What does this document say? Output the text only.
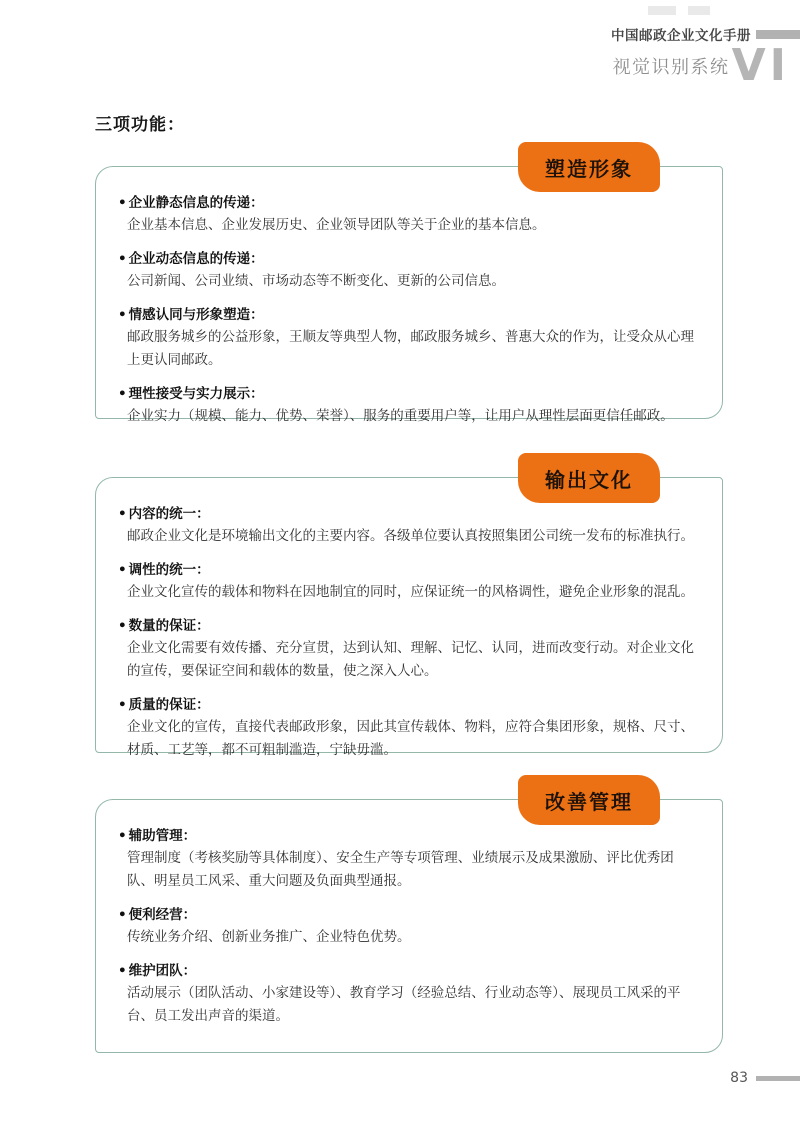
中国邮政企业文化手册
视觉识别系统 VI
三项功能：
塑造形象
• 企业静态信息的传递：
企业基本信息、企业发展历史、企业领导团队等关于企业的基本信息。
• 企业动态信息的传递：
公司新闻、公司业绩、市场动态等不断变化、更新的公司信息。
• 情感认同与形象塑造：
邮政服务城乡的公益形象，王顺友等典型人物，邮政服务城乡、普惠大众的作为，让受众从心理上更认同邮政。
• 理性接受与实力展示：
企业实力（规模、能力、优势、荣誉）、服务的重要用户等，让用户从理性层面更信任邮政。
输出文化
• 内容的统一：
邮政企业文化是环境输出文化的主要内容。各级单位要认真按照集团公司统一发布的标准执行。
• 调性的统一：
企业文化宣传的载体和物料在因地制宜的同时，应保证统一的风格调性，避免企业形象的混乱。
• 数量的保证：
企业文化需要有效传播、充分宣贯，达到认知、理解、记忆、认同，进而改变行动。对企业文化的宣传，要保证空间和载体的数量，使之深入人心。
• 质量的保证：
企业文化的宣传，直接代表邮政形象，因此其宣传载体、物料，应符合集团形象，规格、尺寸、材质、工艺等，都不可粗制滥造，宁缺毋滥。
改善管理
• 辅助管理：
管理制度（考核奖励等具体制度）、安全生产等专项管理、业绩展示及成果激励、评比优秀团队、明星员工风采、重大问题及负面典型通报。
• 便利经营：
传统业务介绍、创新业务推广、企业特色优势。
• 维护团队：
活动展示（团队活动、小家建设等）、教育学习（经验总结、行业动态等）、展现员工风采的平台、员工发出声音的渠道。
83
